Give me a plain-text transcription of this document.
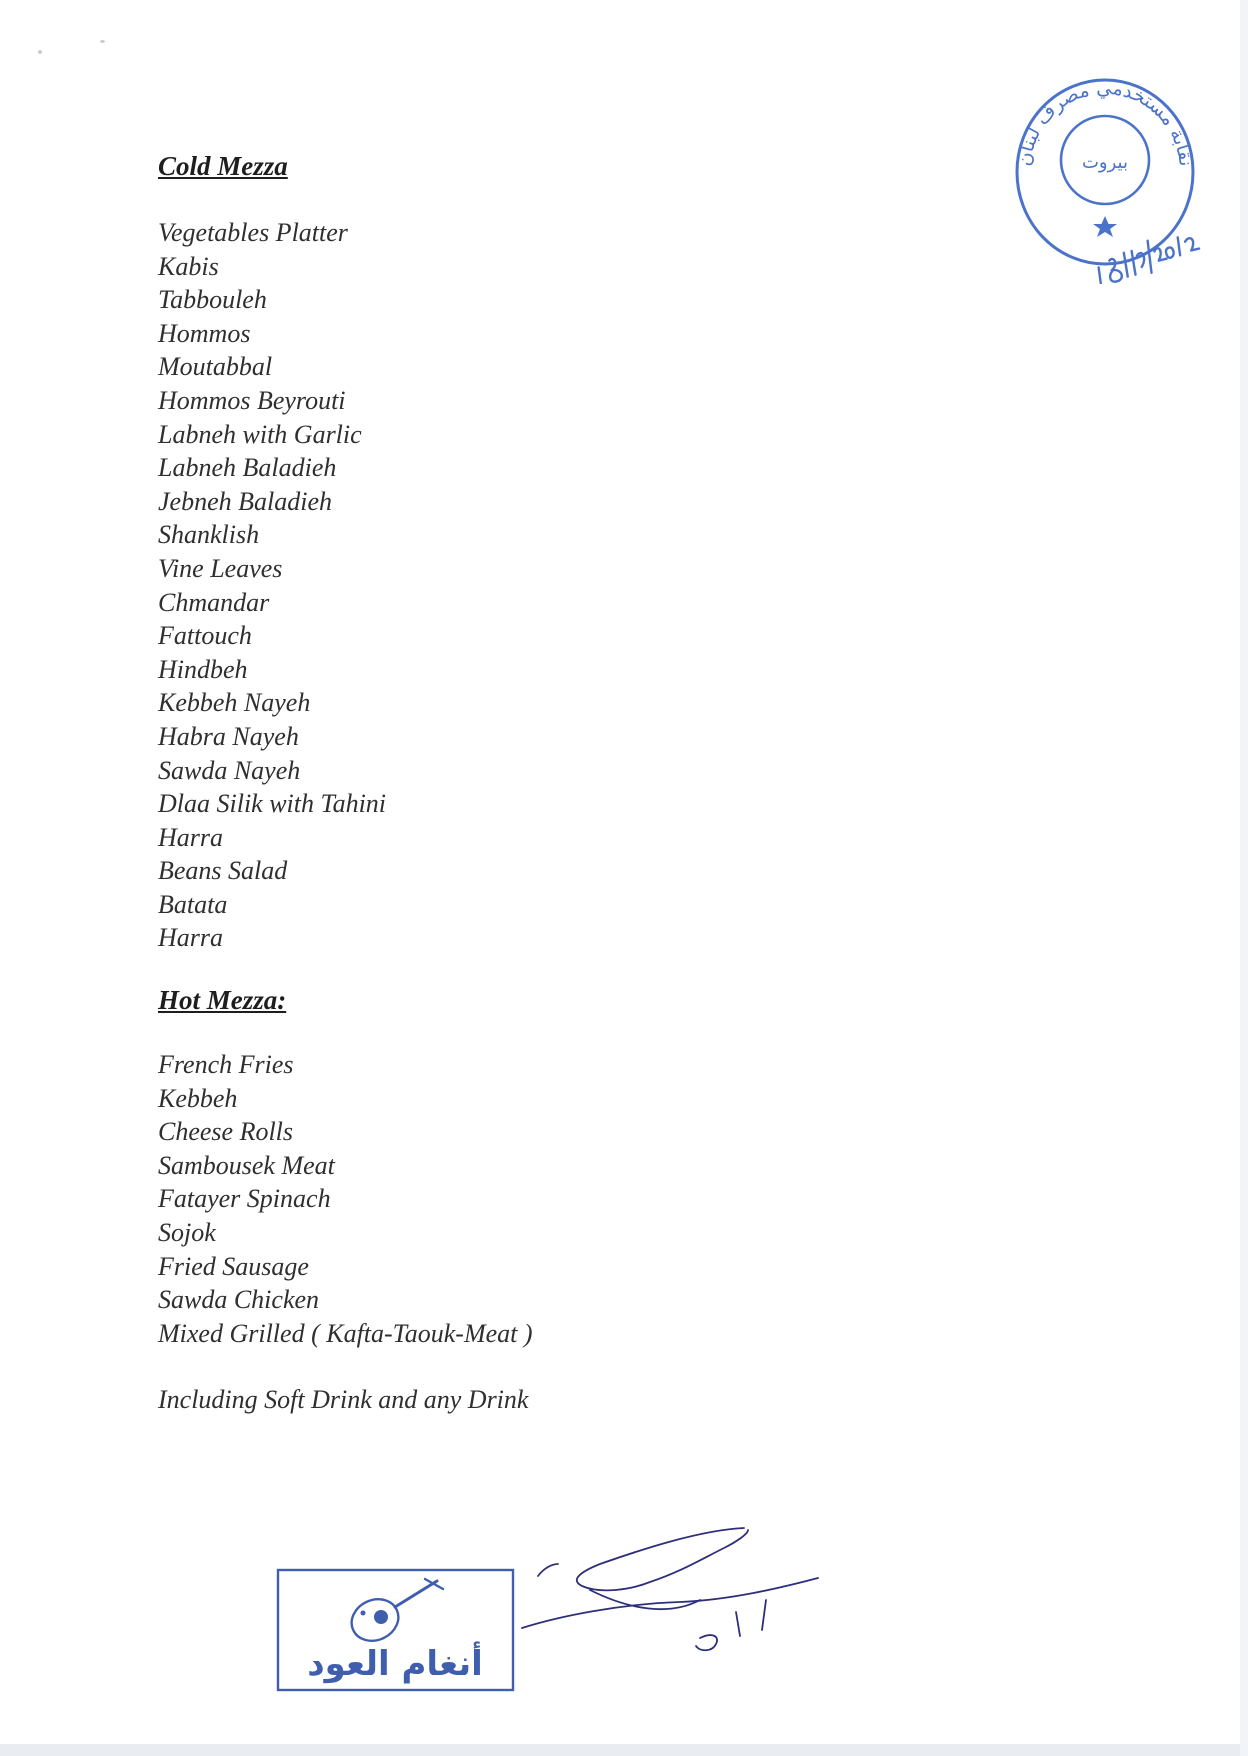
Cold Mezza
Vegetables Platter
Kabis
Tabbouleh
Hommos
Moutabbal
Hommos Beyrouti
Labneh with Garlic
Labneh Baladieh
Jebneh Baladieh
Shanklish
Vine Leaves
Chmandar
Fattouch
Hindbeh
Kebbeh Nayeh
Habra Nayeh
Sawda Nayeh
Dlaa Silik with Tahini
Harra
Beans Salad
Batata
Harra
Hot Mezza:
French Fries
Kebbeh
Cheese Rolls
Sambousek Meat
Fatayer Spinach
Sojok
Fried Sausage
Sawda Chicken
Mixed Grilled ( Kafta-Taouk-Meat )
Including Soft Drink and any Drink
نقابة مستخدمي مصرف لبنان
بيروت
أنغام العود	آ. ا. س
